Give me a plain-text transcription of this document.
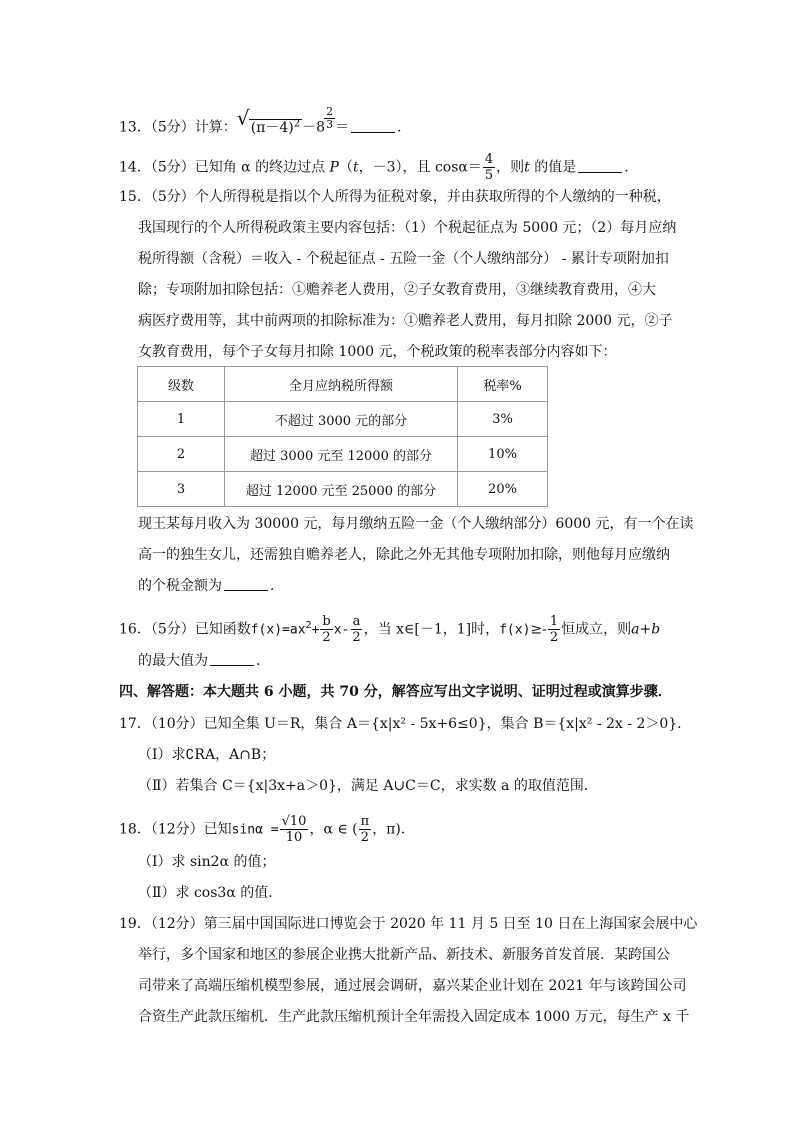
13．（5分）计算： √ $(\pi-4)^2 -8 \frac{2}{3}$ ＝	．
14．（5分）已知角 α 的终边过点 P（t，－3），且 $\cos\alpha= \frac{4}{5}$ ，则t 的值是	．
15．（5分）个人所得税是指以个人所得为征税对象，并由获取所得的个人缴纳的一种税，
我国现行的个人所得税政策主要内容包括：（1）个税起征点为 5000 元；（2）每月应纳
税所得额（含税）＝收入 - 个税起征点 - 五险一金（个人缴纳部分） - 累计专项附加扣
除；专项附加扣除包括：①赡养老人费用，②子女教育费用，③继续教育费用，④大
病医疗费用等，其中前两项的扣除标准为：①赡养老人费用，每月扣除 2000 元，②子
女教育费用，每个子女每月扣除 1000 元，个税政策的税率表部分内容如下：
级数	全月应纳税所得额	税率%
1	不超过 3000 元的部分	3%
2	超过 3000 元至 12000 的部分	10%
3	超过 12000 元至 25000 的部分	20%
现王某每月收入为 30000 元，每月缴纳五险一金（个人缴纳部分）6000 元，有一个在读
高一的独生女儿，还需独自赡养老人，除此之外无其他专项附加扣除，则他每月应缴纳
的个税金额为	．
16．（5分）已知函数$f(x)=ax^2+ \frac{b}{2} x- \frac{a}{2}$ ，当 x∈[－1，1]时，$f(x)\ge- \frac{1}{2}$ 恒成立，则a+b
的最大值为	．
四、解答题：本大题共 6 小题，共 70 分，解答应写出文字说明、证明过程或演算步骤．
17．（10分）已知全集 U＝R，集合 A＝{x|x² - 5x+6≤0}，集合 B＝{x|x² - 2x - 2＞0}．
（Ⅰ）求∁RA，A∩B；
（Ⅱ）若集合 C＝{x|3x+a＞0}，满足 A∪C＝C，求实数 a 的取值范围．
18．（12分）已知$\sin\alpha = \frac{√10}{10}$ ，α ∈ ( $\frac{\pi}{2}$ ，π)．
（Ⅰ）求 sin2α 的值；
（Ⅱ）求 cos3α 的值．
19．（12分）第三届中国国际进口博览会于 2020 年 11 月 5 日至 10 日在上海国家会展中心
举行，多个国家和地区的参展企业携大批新产品、新技术、新服务首发首展．某跨国公
司带来了高端压缩机模型参展，通过展会调研，嘉兴某企业计划在 2021 年与该跨国公司
合资生产此款压缩机．生产此款压缩机预计全年需投入固定成本 1000 万元，每生产 x 千
